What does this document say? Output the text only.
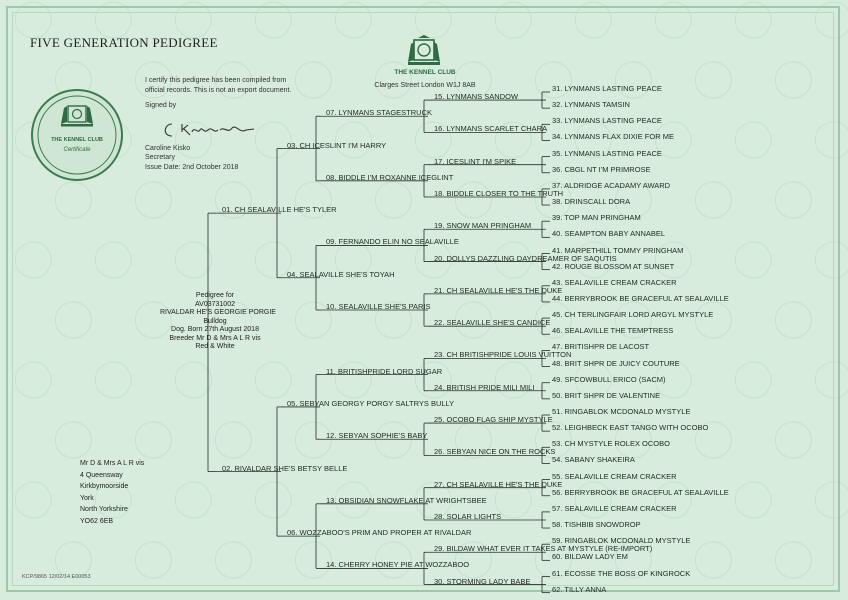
FIVE GENERATION PEDIGREE
THE KENNEL CLUB
Clarges Street London W1J 8AB
THE KENNEL CLUB
Certificate
I certify this pedigree has been compiled from
official records. This is not an export document.
Signed by
Caroline Kisko
Secretary
Issue Date: 2nd October 2018
Pedigree for
AV03731002
RIVALDAR HE'S GEORGIE PORGIE
Bulldog
Dog. Born 27th August 2018
Breeder Mr D & Mrs A L R vis
Red & White
Mr D & Mrs A L R vis
4 Queensway
Kirkbymoorside
York
North Yorkshire
YO62 6EB
01. CH SEALAVILLE HE'S TYLER
02. RIVALDAR SHE'S BETSY BELLE
03. CH ICESLINT I'M HARRY
04. SEALAVILLE SHE'S TOYAH
05. SEBYAN GEORGY PORGY SALTRYS BULLY
06. WOZZABOO'S PRIM AND PROPER AT RIVALDAR
07. LYNMANS STAGESTRUCK
08. BIDDLE I'M ROXANNE ICEGLINT
09. FERNANDO ELIN NO SEALAVILLE
10. SEALAVILLE SHE'S PARIS
11. BRITISHPRIDE LORD SUGAR
12. SEBYAN SOPHIE'S BABY
13. OBSIDIAN SNOWFLAKE AT WRIGHTSBEE
14. CHERRY HONEY PIE AT WOZZABOO
15. LYNMANS SANDOW
16. LYNMANS SCARLET CHARA
17. ICESLINT I'M SPIKE
18. BIDDLE CLOSER TO THE TRUTH
19. SNOW MAN PRINGHAM
20. DOLLYS DAZZLING DAYDREAMER OF SAQUTIS
21. CH SEALAVILLE HE'S THE DUKE
22. SEALAVILLE SHE'S CANDICE
23. CH BRITISHPRIDE LOUIS VUITTON
24. BRITISH PRIDE MILI MILI
25. OCOBO FLAG SHIP MYSTYLE
26. SEBYAN NICE ON THE ROCKS
27. CH SEALAVILLE HE'S THE DUKE
28. SOLAR LIGHTS
29. BILDAW WHAT EVER IT TAKES AT MYSTYLE (RE-IMPORT)
30. STORMING LADY BABE
31. LYNMANS LASTING PEACE
32. LYNMANS TAMSIN
33. LYNMANS LASTING PEACE
34. LYNMANS FLAX DIXIE FOR ME
35. LYNMANS LASTING PEACE
36. CBGL NT I'M PRIMROSE
37. ALDRIDGE ACADAMY AWARD
38. DRINSCALL DORA
39. TOP MAN PRINGHAM
40. SEAMPTON BABY ANNABEL
41. MARPETHILL TOMMY PRINGHAM
42. ROUGE BLOSSOM AT SUNSET
43. SEALAVILLE CREAM CRACKER
44. BERRYBROOK BE GRACEFUL AT SEALAVILLE
45. CH TERLINGFAIR LORD ARGYL MYSTYLE
46. SEALAVILLE THE TEMPTRESS
47. BRITISHPR DE LACOST
48. BRIT SHPR DE JUICY COUTURE
49. SFCOWBULL ERICO (SACM)
50. BRIT SHPR DE VALENTINE
51. RINGABLOK MCDONALD MYSTYLE
52. LEIGHBECK EAST TANGO WITH OCOBO
53. CH MYSTYLE ROLEX OCOBO
54. SABANY SHAKEIRA
55. SEALAVILLE CREAM CRACKER
56. BERRYBROOK BE GRACEFUL AT SEALAVILLE
57. SEALAVILLE CREAM CRACKER
58. TISHBIB SNOWDROP
59. RINGABLOK MCDONALD MYSTYLE
60. BILDAW LADY EM
61. ECOSSE THE BOSS OF KINGROCK
62. TILLY ANNA
KCP/9865 12/02/14 E00053
